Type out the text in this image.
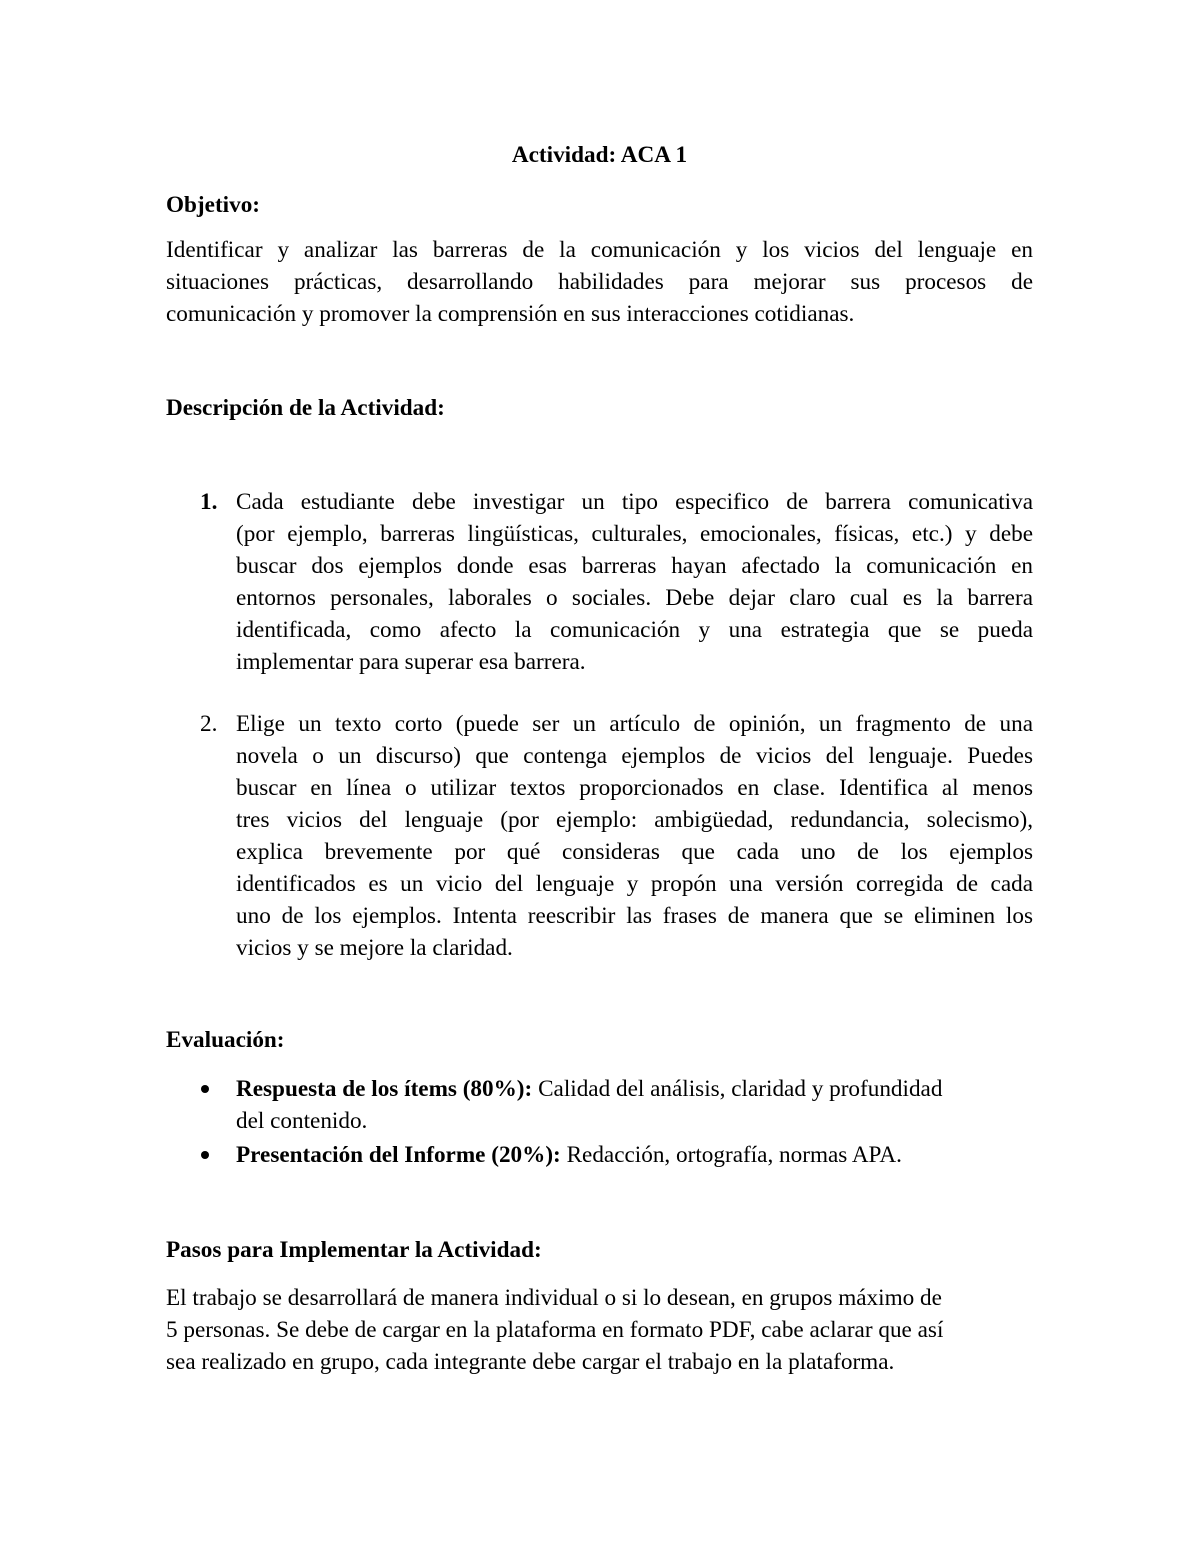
Actividad: ACA 1
Objetivo:
Identificar y analizar las barreras de la comunicación y los vicios del lenguaje en
situaciones prácticas, desarrollando habilidades para mejorar sus procesos de
comunicación y promover la comprensión en sus interacciones cotidianas.
Descripción de la Actividad:
1. Cada estudiante debe investigar un tipo especifico de barrera comunicativa
(por ejemplo, barreras lingüísticas, culturales, emocionales, físicas, etc.) y debe
buscar dos ejemplos donde esas barreras hayan afectado la comunicación en
entornos personales, laborales o sociales. Debe dejar claro cual es la barrera
identificada, como afecto la comunicación y una estrategia que se pueda
implementar para superar esa barrera.
2. Elige un texto corto (puede ser un artículo de opinión, un fragmento de una
novela o un discurso) que contenga ejemplos de vicios del lenguaje. Puedes
buscar en línea o utilizar textos proporcionados en clase. Identifica al menos
tres vicios del lenguaje (por ejemplo: ambigüedad, redundancia, solecismo),
explica brevemente por qué consideras que cada uno de los ejemplos
identificados es un vicio del lenguaje y propón una versión corregida de cada
uno de los ejemplos. Intenta reescribir las frases de manera que se eliminen los
vicios y se mejore la claridad.
Evaluación:
Respuesta de los ítems (80%): Calidad del análisis, claridad y profundidad
del contenido.
Presentación del Informe (20%): Redacción, ortografía, normas APA.
Pasos para Implementar la Actividad:
El trabajo se desarrollará de manera individual o si lo desean, en grupos máximo de
5 personas. Se debe de cargar en la plataforma en formato PDF, cabe aclarar que así
sea realizado en grupo, cada integrante debe cargar el trabajo en la plataforma.
